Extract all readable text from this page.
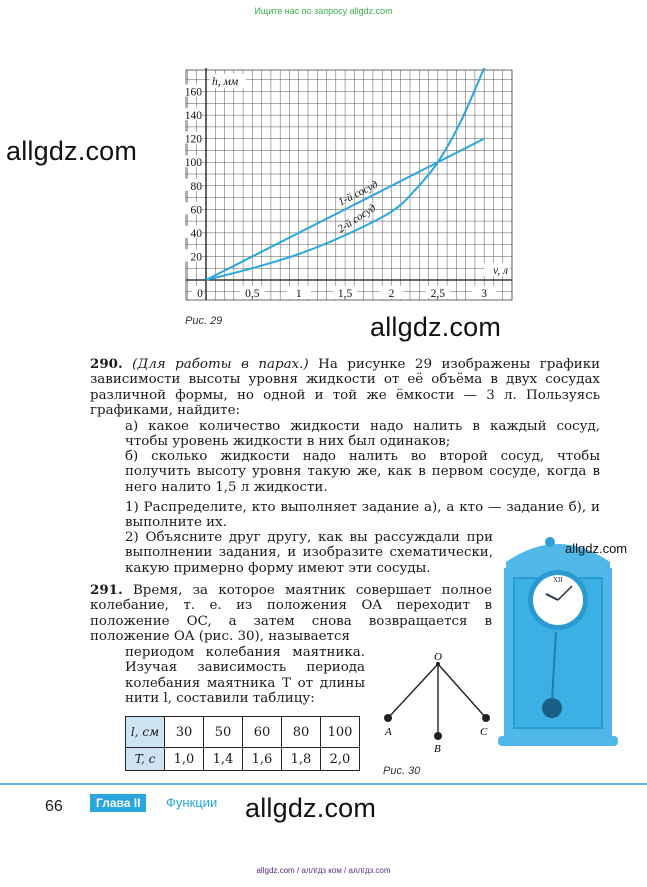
Ищите нас по запросу allgdz.com
20
40
60
80
100
120
140
160
0,5	1	1,5	2	2,5	3
0
h, мм
v, л
1-й сосуд
2-й сосуд
Рис. 29
allgdz.com
allgdz.com
allgdz.com
290. (Для работы в парах.) На рисунке 29 изображены графики зависимости высоты уровня жидкости от её объёма в двух сосудах различной формы, но одной и той же ёмкости — 3 л. Пользуясь графиками, найдите:
а) какое количество жидкости надо налить в каждый сосуд, чтобы уровень жидкости в них был одинаков;
б) сколько жидкости надо налить во второй сосуд, чтобы получить высоту уровня такую же, как в первом сосуде, когда в него налито 1,5 л жидкости.
1) Распределите, кто выполняет задание а), а кто — задание б), и выполните их.
2) Объясните друг другу, как вы рассуждали при выполнении задания, и изобразите схематически, какую примерно форму имеют эти сосуды.
291. Время, за которое маятник совершает полное колебание, т. е. из положения OA переходит в положение OC, а затем снова возвращается в положение OA (рис. 30), называется
периодом колебания маятника. Изучая зависимость периода колебания маятника T от длины нити l, составили таблицу:
l, см	30	50	60	80	100
T, с	1,0	1,4	1,6	1,8	2,0
O
A
B
C
Рис. 30
XII
allgdz.com
66	Глава II	Функции
allgdz.com / аллгдз ком / аллгдз.com
